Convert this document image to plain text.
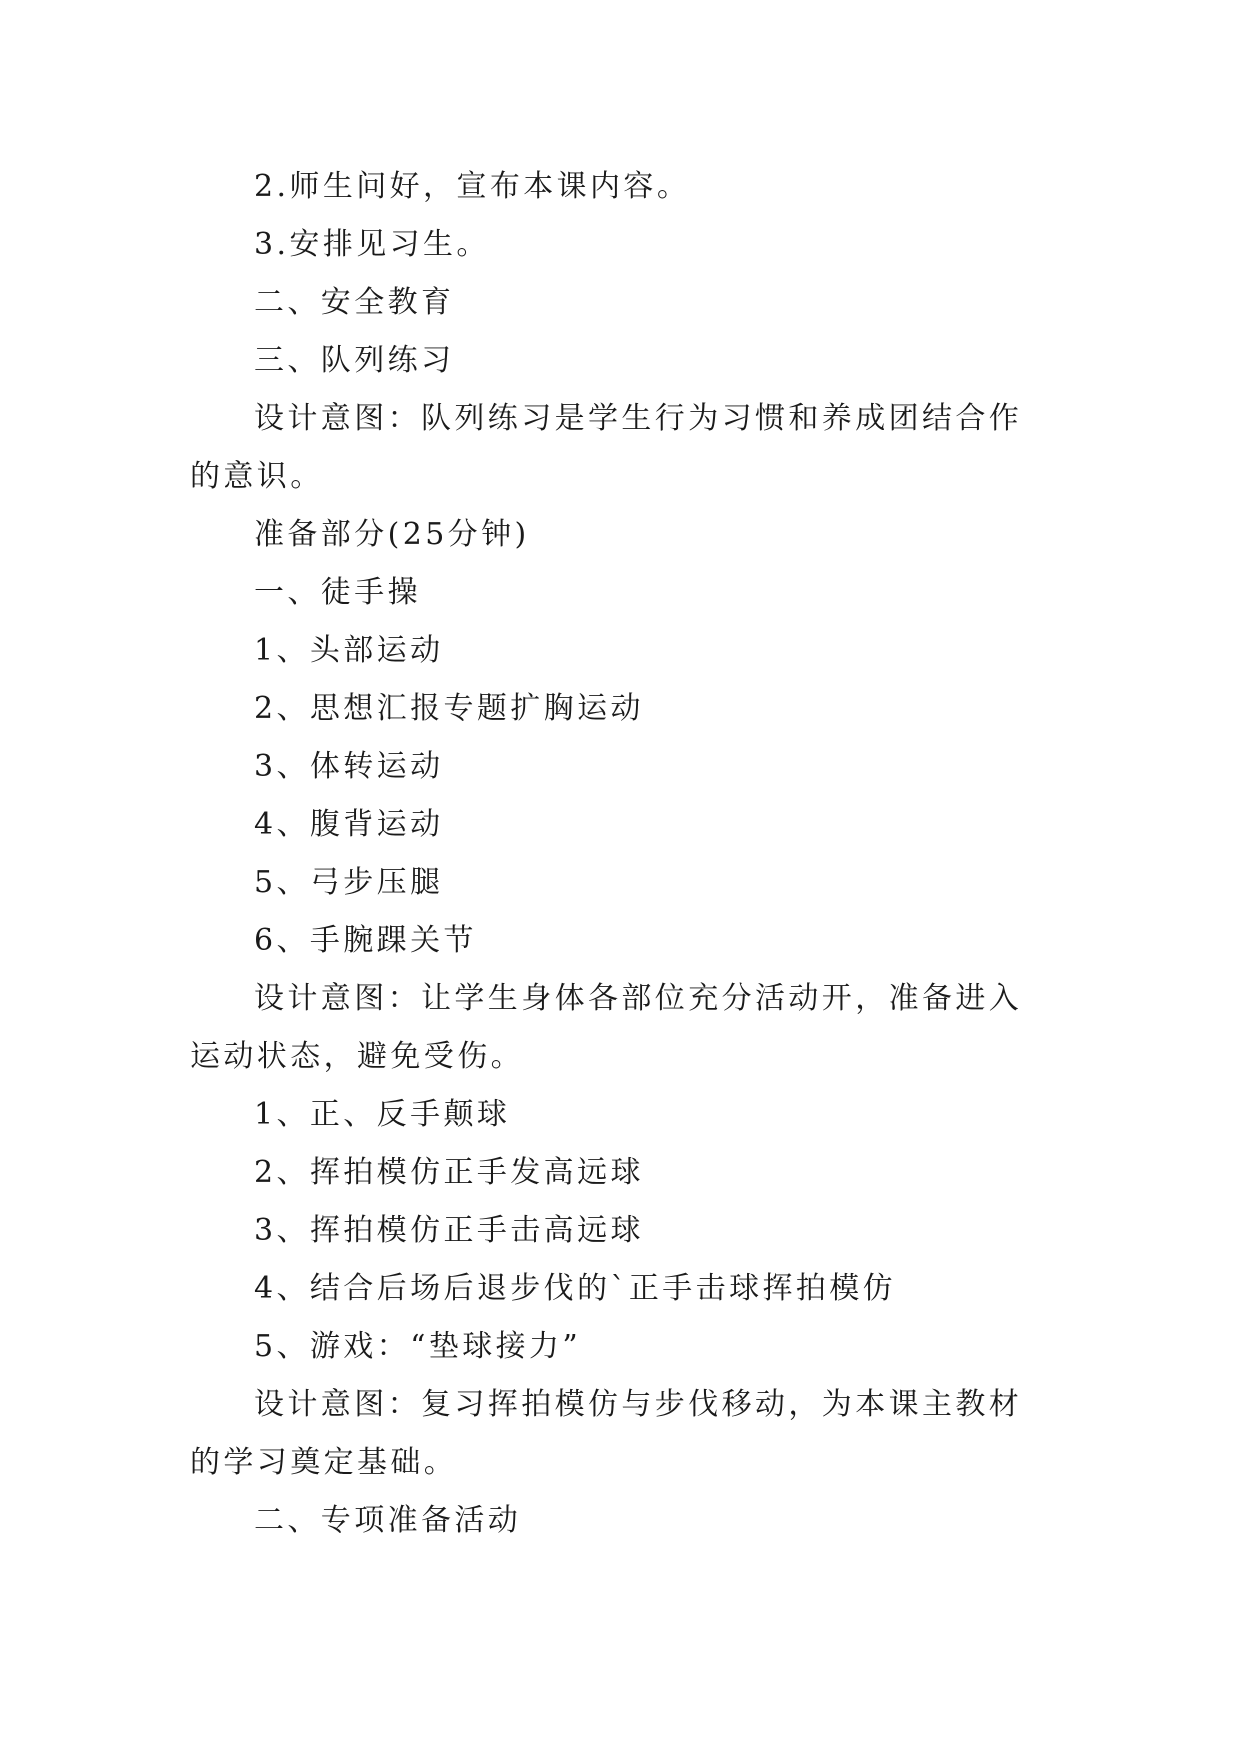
2.师生问好，宣布本课内容。

3.安排见习生。

二、安全教育

三、队列练习

设计意图：队列练习是学生行为习惯和养成团结合作的意识。

准备部分(25分钟)

一、徒手操

1、头部运动

2、思想汇报专题扩胸运动

3、体转运动

4、腹背运动

5、弓步压腿

6、手腕踝关节

设计意图：让学生身体各部位充分活动开，准备进入运动状态，避免受伤。

1、正、反手颠球

2、挥拍模仿正手发高远球

3、挥拍模仿正手击高远球

4、结合后场后退步伐的`正手击球挥拍模仿

5、游戏：“垫球接力”

设计意图：复习挥拍模仿与步伐移动，为本课主教材的学习奠定基础。

二、专项准备活动
